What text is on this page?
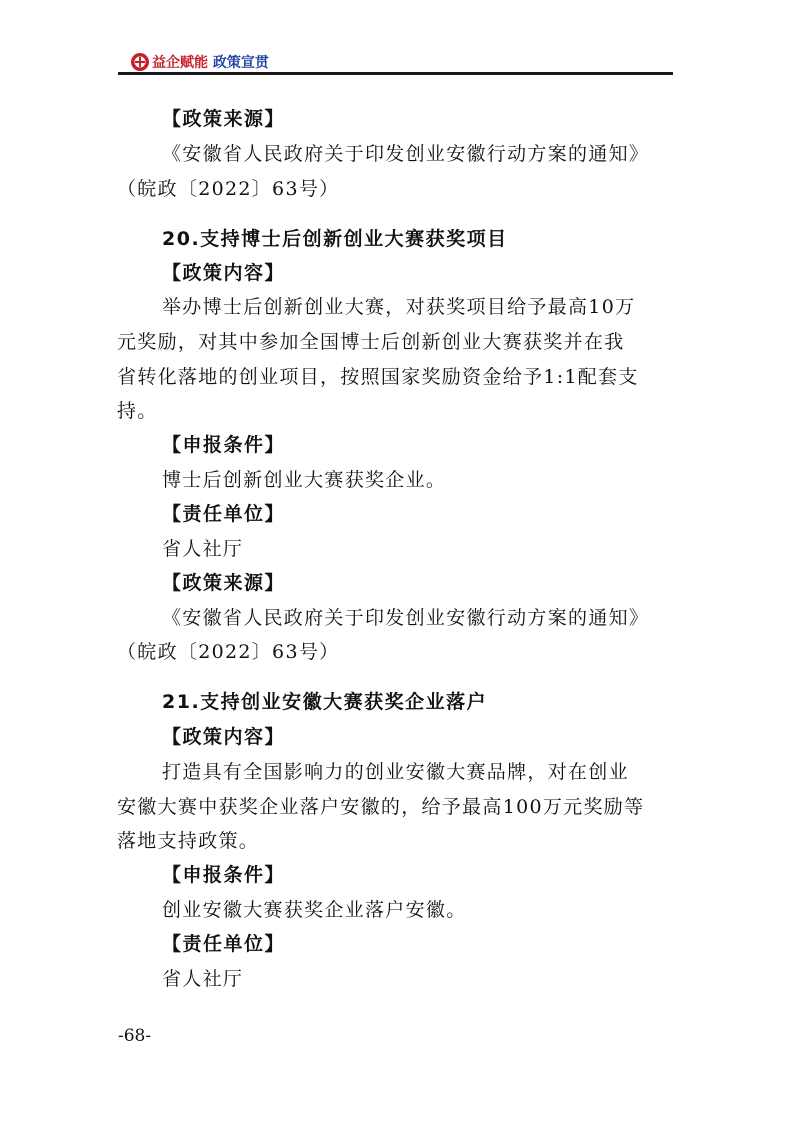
益企赋能 政策宣贯
【政策来源】
《安徽省人民政府关于印发创业安徽行动方案的通知》
（皖政〔2022〕63号）
20.支持博士后创新创业大赛获奖项目
【政策内容】
举办博士后创新创业大赛，对获奖项目给予最高10万
元奖励，对其中参加全国博士后创新创业大赛获奖并在我
省转化落地的创业项目，按照国家奖励资金给予1:1配套支
持。
【申报条件】
博士后创新创业大赛获奖企业。
【责任单位】
省人社厅
【政策来源】
《安徽省人民政府关于印发创业安徽行动方案的通知》
（皖政〔2022〕63号）
21.支持创业安徽大赛获奖企业落户
【政策内容】
打造具有全国影响力的创业安徽大赛品牌，对在创业
安徽大赛中获奖企业落户安徽的，给予最高100万元奖励等
落地支持政策。
【申报条件】
创业安徽大赛获奖企业落户安徽。
【责任单位】
省人社厅
-68-
